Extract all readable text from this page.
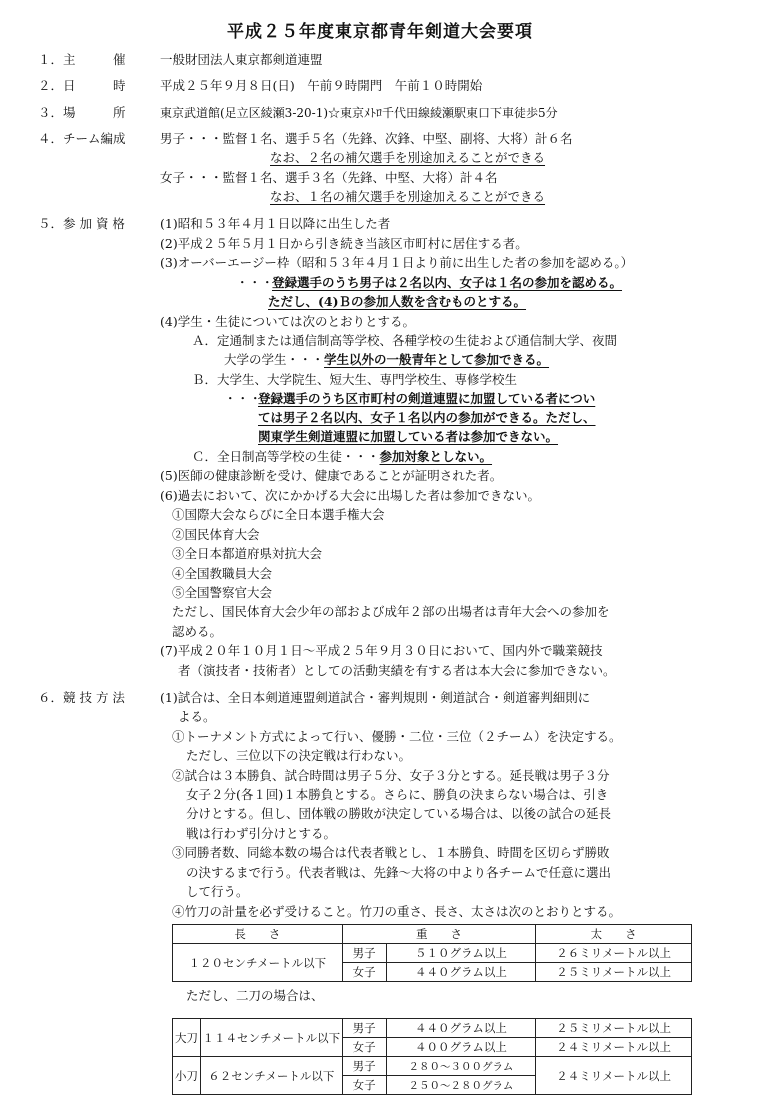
平成２５年度東京都青年剣道大会要項
１．主　　　催	一般財団法人東京都剣道連盟
２．日　　　時	平成２５年９月８日(日)　午前９時開門　午前１０時開始
３．場　　　所	東京武道館(足立区綾瀬3-20-1)☆東京ﾒﾄﾛ千代田線綾瀬駅東口下車徒歩5分
４．チーム編成	男子・・・監督１名、選手５名（先鋒、次鋒、中堅、副将、大将）計６名
なお、２名の補欠選手を別途加えることができる
女子・・・監督１名、選手３名（先鋒、中堅、大将）計４名
なお、１名の補欠選手を別途加えることができる
５．参 加 資 格	(1)昭和５３年４月１日以降に出生した者
(2)平成２５年５月１日から引き続き当該区市町村に居住する者。
(3)オーバーエージー枠（昭和５３年４月１日より前に出生した者の参加を認める。）
・・・
登録選手のうち男子は２名以内、女子は１名の参加を認める。
ただし、(4)Ｂの参加人数を含むものとする。
(4)学生・生徒については次のとおりとする。
Ａ．定通制または通信制高等学校、各種学校の生徒および通信制大学、夜間
大学の学生・・・学生以外の一般青年として参加できる。
Ｂ．大学生、大学院生、短大生、専門学校生、専修学校生
・・・
登録選手のうち区市町村の剣道連盟に加盟している者につい
ては男子２名以内、女子１名以内の参加ができる。ただし、
関東学生剣道連盟に加盟している者は参加できない。
Ｃ．全日制高等学校の生徒・・・参加対象としない。
(5)医師の健康診断を受け、健康であることが証明された者。
(6)過去において、次にかかげる大会に出場した者は参加できない。
①国際大会ならびに全日本選手権大会
②国民体育大会
③全日本都道府県対抗大会
④全国教職員大会
⑤全国警察官大会
ただし、国民体育大会少年の部および成年２部の出場者は青年大会への参加を
認める。
(7)平成２０年１０月１日～平成２５年９月３０日において、国内外で職業競技
者（演技者・技術者）としての活動実績を有する者は本大会に参加できない。
６．競 技 方 法	(1)試合は、全日本剣道連盟剣道試合・審判規則・剣道試合・剣道審判細則に
よる。
①トーナメント方式によって行い、優勝・二位・三位（２チーム）を決定する。
ただし、三位以下の決定戦は行わない。
②試合は３本勝負、試合時間は男子５分、女子３分とする。延長戦は男子３分
女子２分(各１回)１本勝負とする。さらに、勝負の決まらない場合は、引き
分けとする。但し、団体戦の勝敗が決定している場合は、以後の試合の延長
戦は行わず引分けとする。
③同勝者数、同総本数の場合は代表者戦とし、１本勝負、時間を区切らず勝敗
の決するまで行う。代表者戦は、先鋒～大将の中より各チームで任意に選出
して行う。
④竹刀の計量を必ず受けること。竹刀の重さ、長さ、太さは次のとおりとする。
長　　さ	重　　さ		太　　さ
１２０センチメートル以下	男子	５１０グラム以上	２６ミリメートル以上
	女子	４４０グラム以上	２５ミリメートル以上
ただし、二刀の場合は、
大刀	１１４センチメートル以下	男子	４４０グラム以上	２５ミリメートル以上
		女子	４００グラム以上	２４ミリメートル以上
小刀	６２センチメートル以下	男子	２８０～３００グラム	２４ミリメートル以上
		女子	２５０～２８０グラム	
